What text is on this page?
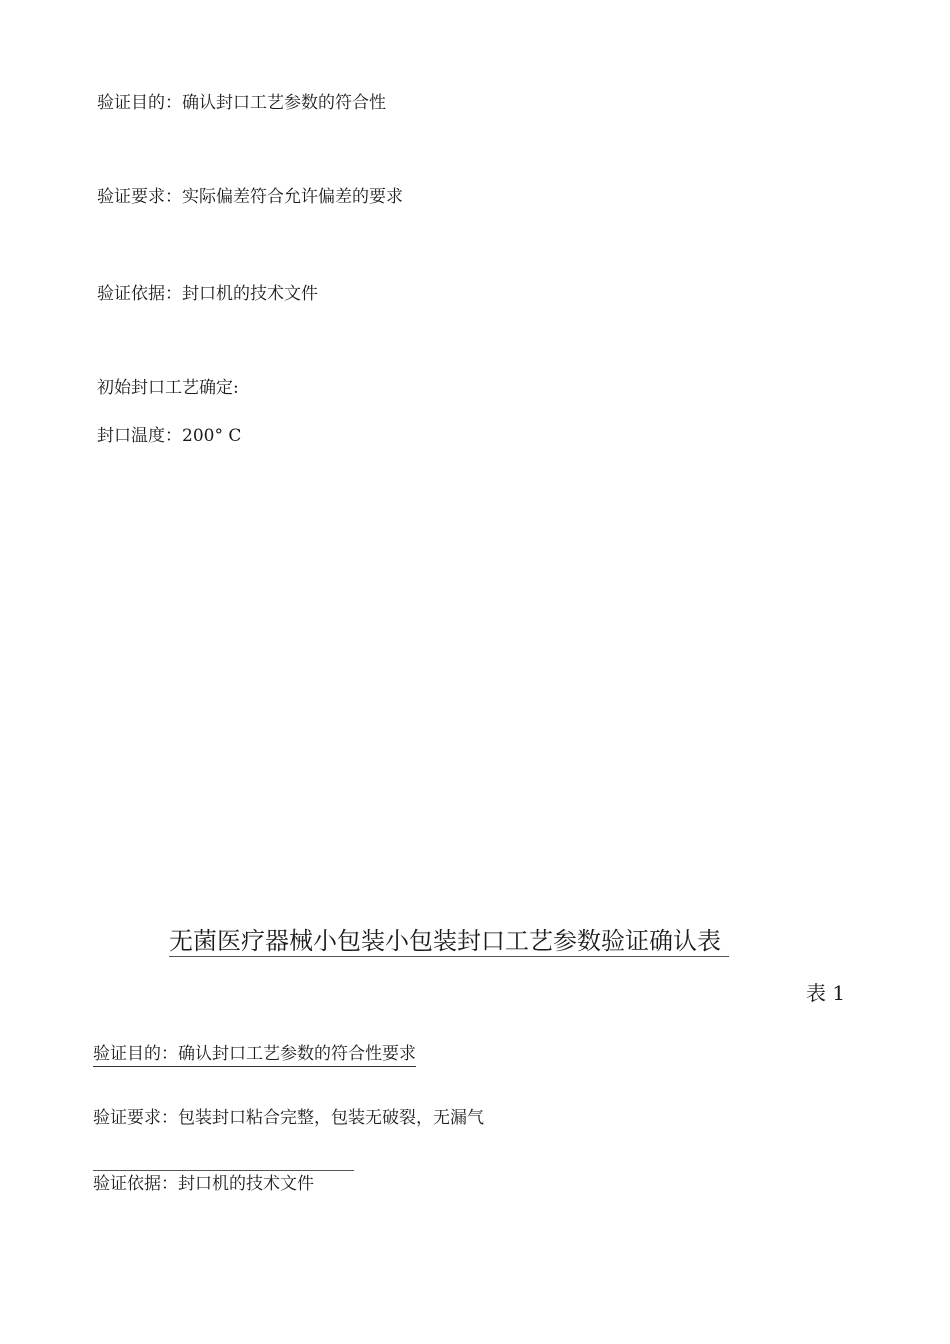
验证目的：确认封口工艺参数的符合性
验证要求：实际偏差符合允许偏差的要求
验证依据：封口机的技术文件
初始封口工艺确定:
封口温度：200° C
无菌医疗器械小包装小包装封口工艺参数验证确认表
表 1
验证目的：确认封口工艺参数的符合性要求
验证要求：包装封口粘合完整，包装无破裂，无漏气
验证依据：封口机的技术文件
